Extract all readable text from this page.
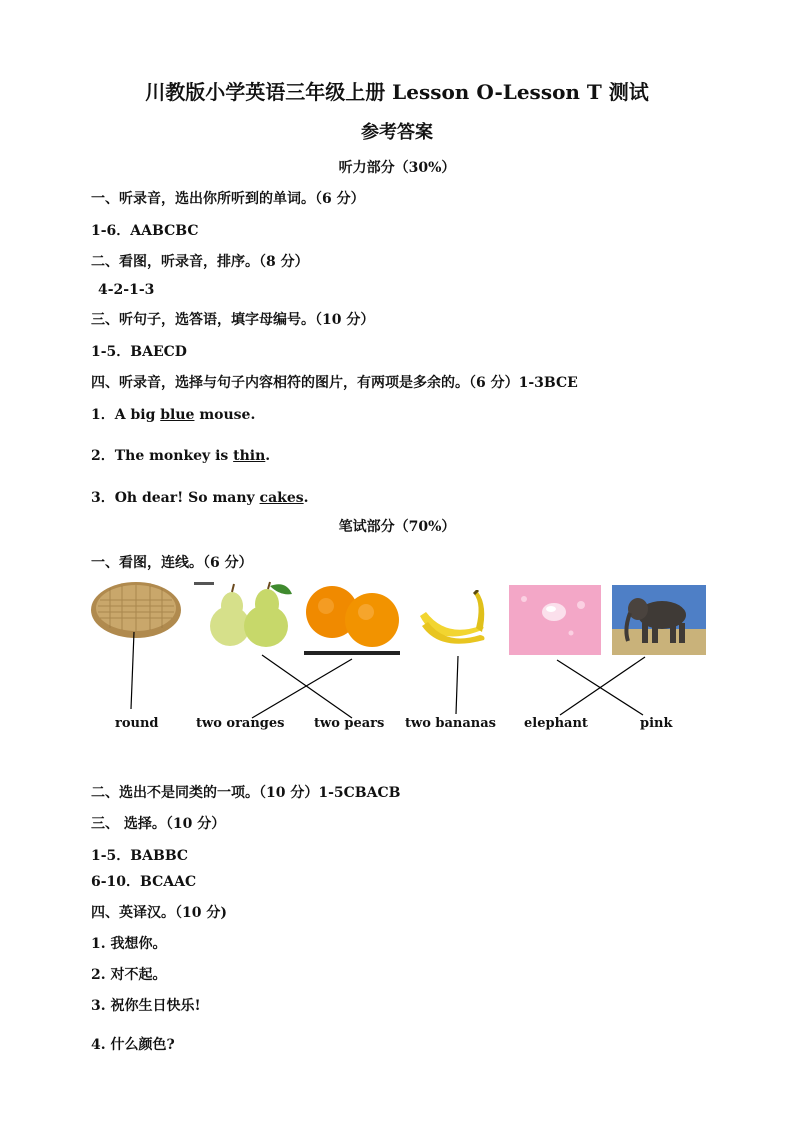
川教版小学英语三年级上册 Lesson O-Lesson T 测试
参考答案
听力部分（30%）
一、听录音，选出你所听到的单词。（6 分）
1-6．AABCBC
二、看图，听录音，排序。（8 分）
4-2-1-3
三、听句子，选答语，填字母编号。（10 分）
1-5．BAECD
四、听录音，选择与句子内容相符的图片，有两项是多余的。（6 分）1-3BCE
1．A big blue mouse.
2．The monkey is thin.
3．Oh dear! So many cakes.
笔试部分（70%）
一、看图，连线。（6 分）
round	two oranges two pears two bananas elephant	pink
二、选出不是同类的一项。（10 分）1-5CBACB
三、 选择。（10 分）
1-5．BABBC
6-10．BCAAC
四、英译汉。（10 分)
1. 我想你。
2. 对不起。
3. 祝你生日快乐!
4. 什么颜色?
